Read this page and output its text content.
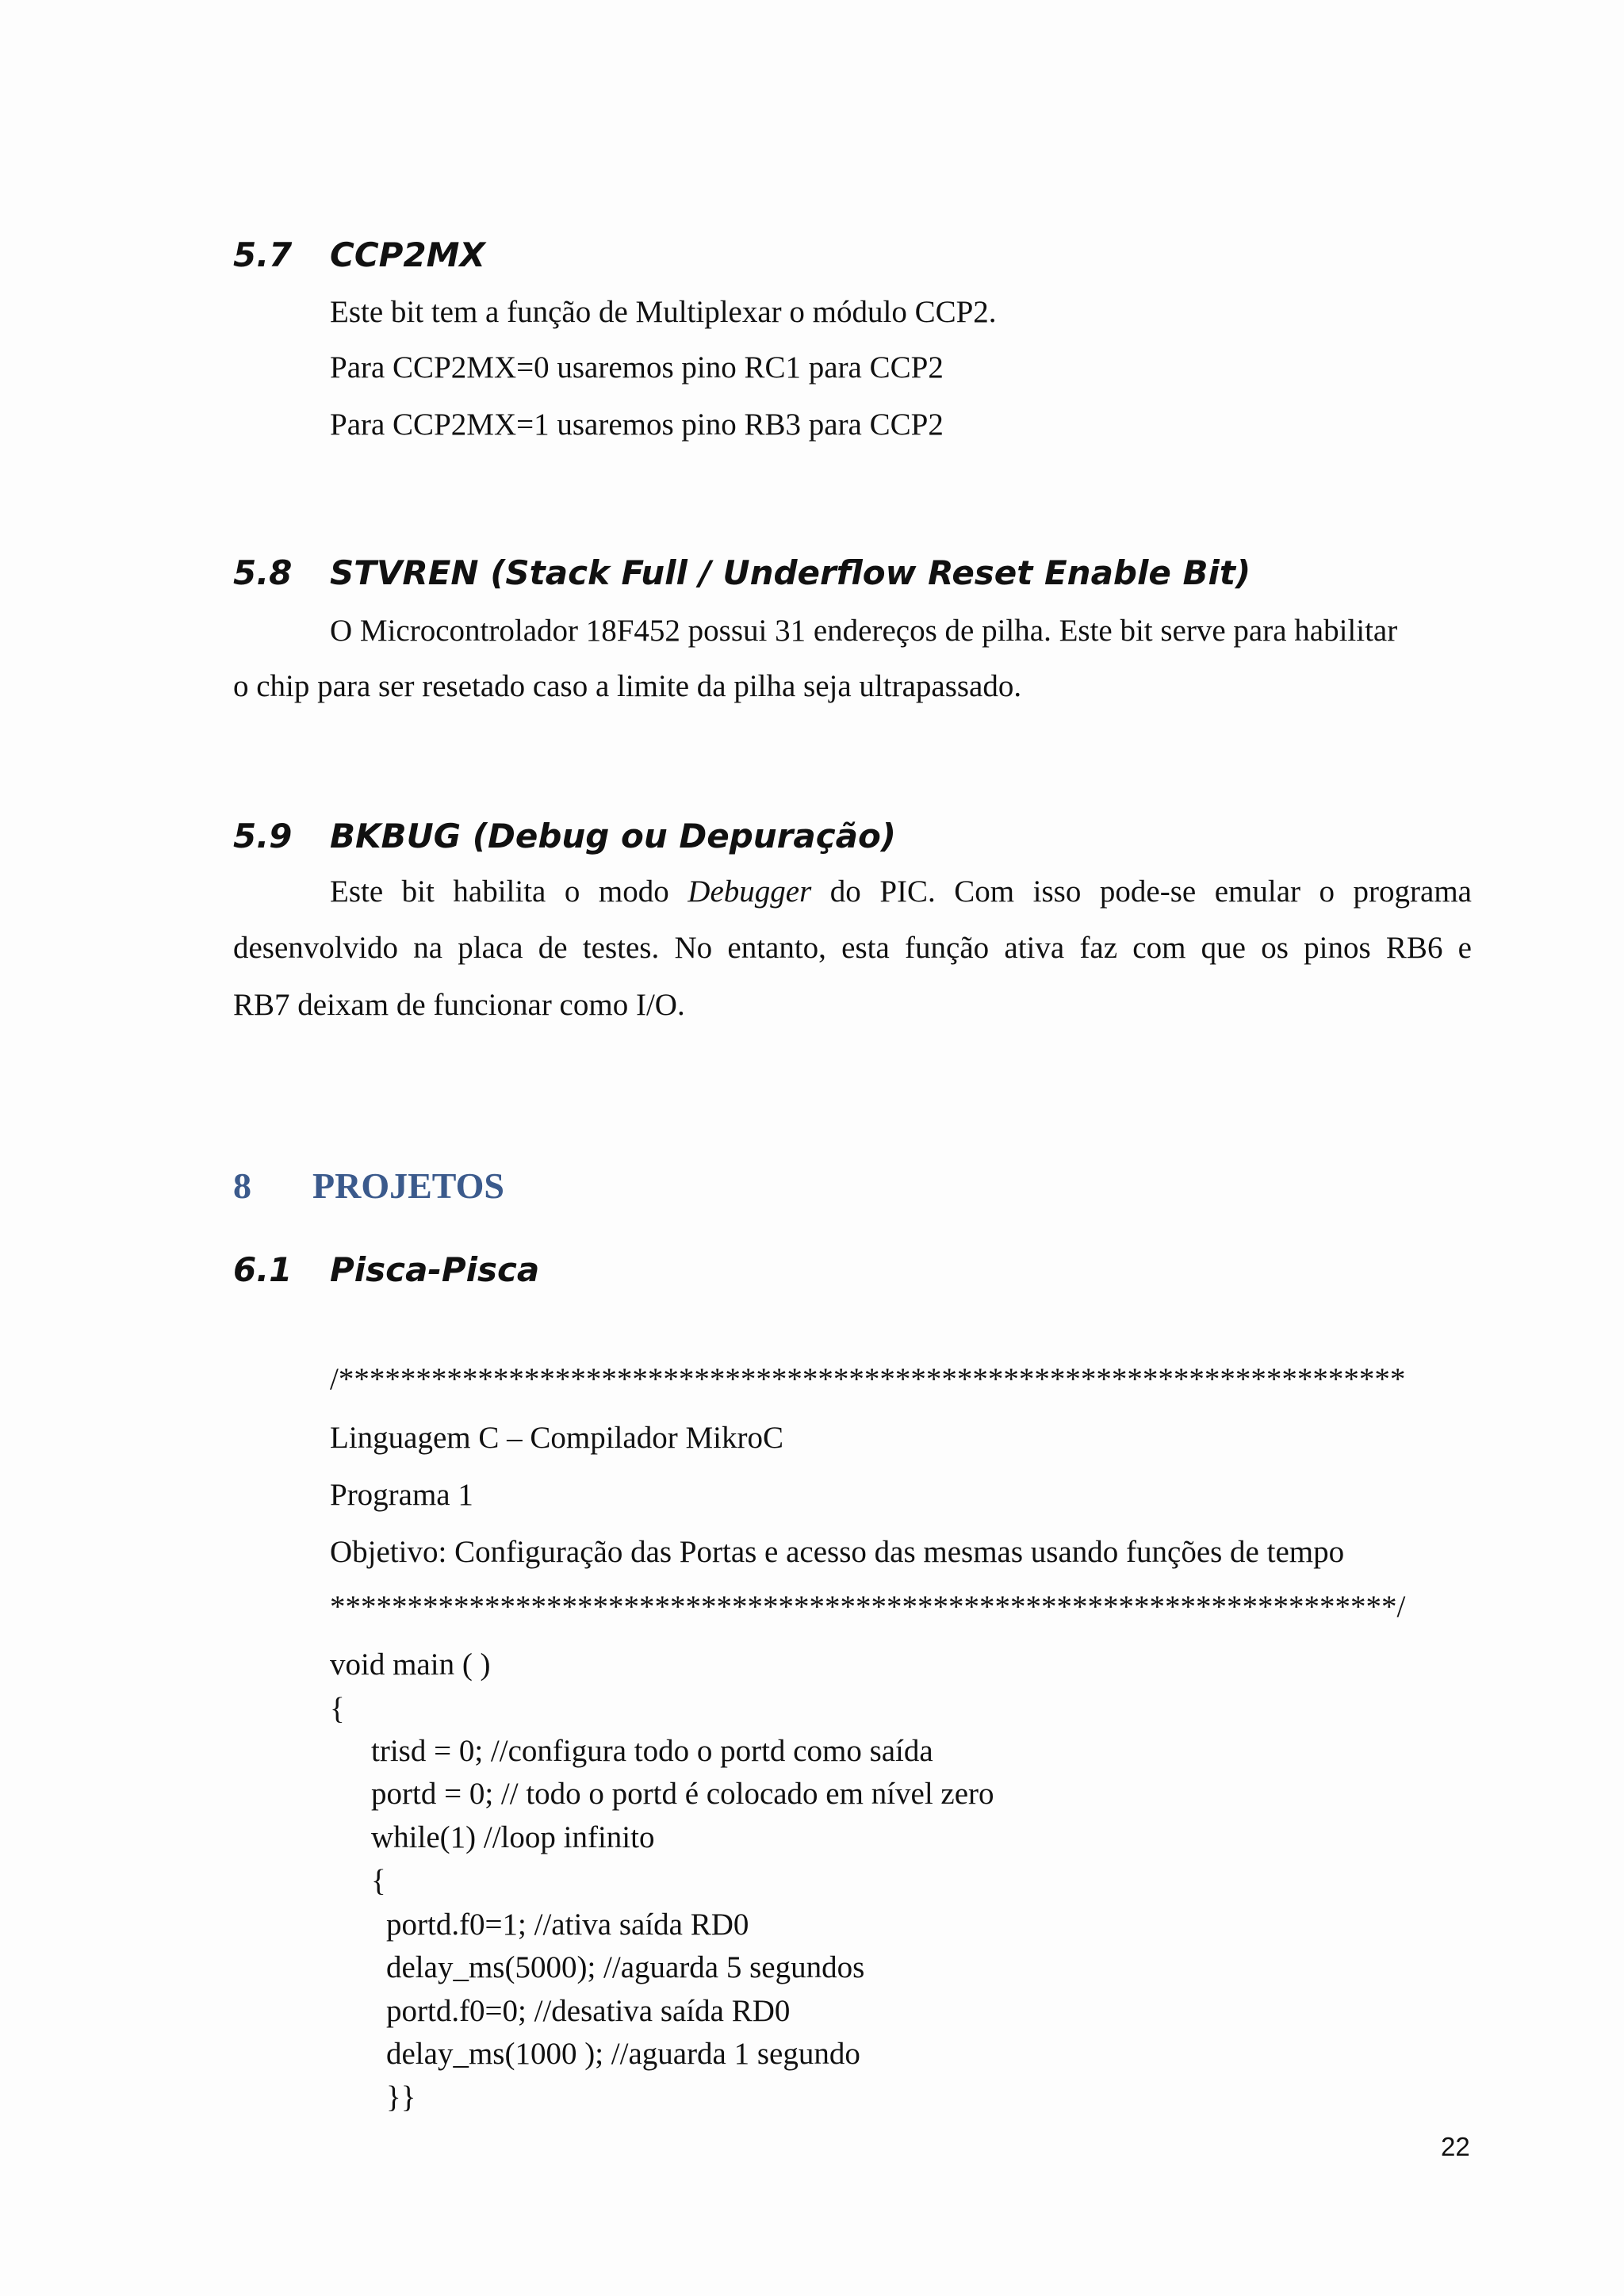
5.7 CCP2MX
Este bit tem a função de Multiplexar o módulo CCP2.
Para CCP2MX=0 usaremos pino RC1 para CCP2
Para CCP2MX=1 usaremos pino RB3 para CCP2
5.8 STVREN (Stack Full / Underflow Reset Enable Bit)
O Microcontrolador 18F452 possui 31 endereços de pilha. Este bit serve para habilitar
o chip para ser resetado caso a limite da pilha seja ultrapassado.
5.9 BKBUG (Debug ou Depuração)
Este bit habilita o modo Debugger do PIC. Com isso pode-se emular o programa
desenvolvido na placa de testes. No entanto, esta função ativa faz com que os pinos RB6 e
RB7 deixam de funcionar como I/O.
8 PROJETOS
6.1 Pisca-Pisca
/*********************************************************************
Linguagem C – Compilador MikroC
Programa 1
Objetivo: Configuração das Portas e acesso das mesmas usando funções de tempo
*********************************************************************/
void main ( )
{
trisd = 0; //configura todo o portd como saída
portd = 0; // todo o portd é colocado em nível zero
while(1) //loop infinito
{
portd.f0=1; //ativa saída RD0
delay_ms(5000); //aguarda 5 segundos
portd.f0=0; //desativa saída RD0
delay_ms(1000 ); //aguarda 1 segundo
}}
22
